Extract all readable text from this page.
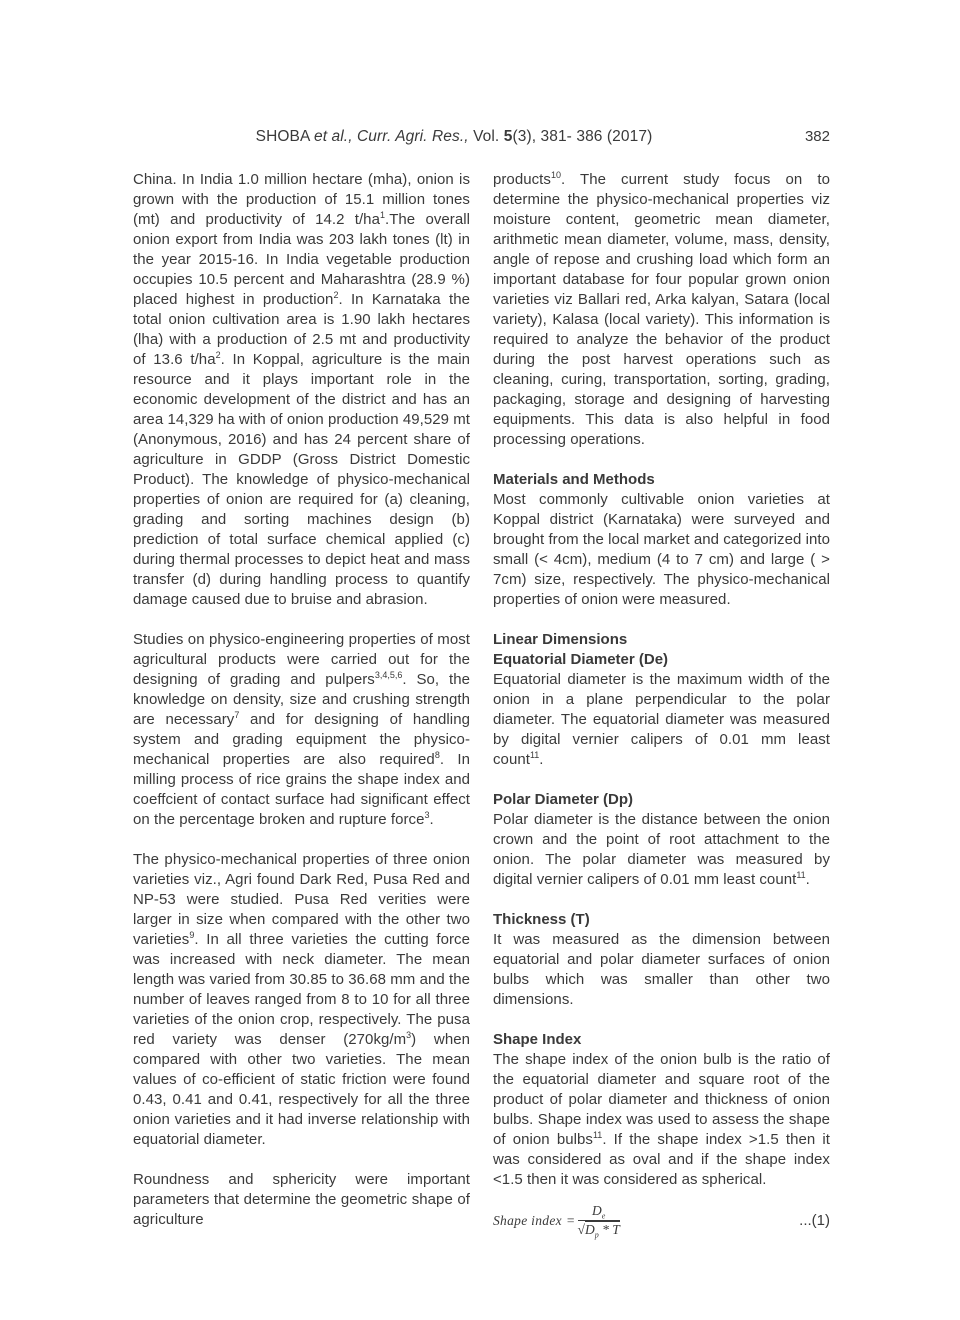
SHOBA et al., Curr. Agri. Res., Vol. 5(3), 381- 386 (2017)	382

China. In India 1.0 million hectare (mha), onion is grown with the production of 15.1 million tones (mt) and productivity of 14.2 $t/ha^1.The$ overall onion export from India was 203 lakh tones (lt) in the year 2015-16. In India vegetable production occupies 10.5 percent and Maharashtra (28.9 %) placed highest in production$^2$. In Karnataka the total onion cultivation area is 1.90 lakh hectares (lha) with a production of 2.5 mt and productivity of 13.6 $t/ha^2$. In Koppal, agriculture is the main resource and it plays important role in the economic development of the district and has an area 14,329 ha with of onion production 49,529 mt (Anonymous, 2016) and has 24 percent share of agriculture in GDDP (Gross District Domestic Product). The knowledge of physico-mechanical properties of onion are required for (a) cleaning, grading and sorting machines design (b) prediction of total surface chemical applied (c) during thermal processes to depict heat and mass transfer (d) during handling process to quantify damage caused due to bruise and abrasion.

Studies on physico-engineering properties of most agricultural products were carried out for the designing of grading and pulpers$^{3,4,5,6}$. So, the knowledge on density, size and crushing strength are necessary$^7$ and for designing of handling system and grading equipment the physico-mechanical properties are also required$^8$. In milling process of rice grains the shape index and coeffcient of contact surface had significant effect on the percentage broken and rupture force$^3$.

The physico-mechanical properties of three onion varieties viz., Agri found Dark Red, Pusa Red and NP-53 were studied. Pusa Red verities were larger in size when compared with the other two varieties$^9$. In all three varieties the cutting force was increased with neck diameter. The mean length was varied from 30.85 to 36.68 mm and the number of leaves ranged from 8 to 10 for all three varieties of the onion crop, respectively. The pusa red variety was denser $(270kg/m^3)$ when compared with other two varieties. The mean values of co-efficient of static friction were found 0.43, 0.41 and 0.41, respectively for all the three onion varieties and it had inverse relationship with equatorial diameter.

Roundness and sphericity were important parameters that determine the geometric shape of agriculture

products$^{10}$. The current study focus on to determine the physico-mechanical properties viz moisture content, geometric mean diameter, arithmetic mean diameter, volume, mass, density, angle of repose and crushing load which form an important database for four popular grown onion varieties viz Ballari red, Arka kalyan, Satara (local variety), Kalasa (local variety). This information is required to analyze the behavior of the product during the post harvest operations such as cleaning, curing, transportation, sorting, grading, packaging, storage and designing of harvesting equipments. This data is also helpful in food processing operations.

Materials and Methods

Most commonly cultivable onion varieties at Koppal district (Karnataka) were surveyed and brought from the local market and categorized into small (< 4cm), medium (4 to 7 cm) and large ( > 7cm) size, respectively. The physico-mechanical properties of onion were measured.

Linear Dimensions
Equatorial Diameter (De)

Equatorial diameter is the maximum width of the onion in a plane perpendicular to the polar diameter. The equatorial diameter was measured by digital vernier calipers of 0.01 mm least count$^{11}$.

Polar Diameter (Dp)

Polar diameter is the distance between the onion crown and the point of root attachment to the onion. The polar diameter was measured by digital vernier calipers of 0.01 mm least count$^{11}$.

Thickness (T)

It was measured as the dimension between equatorial and polar diameter surfaces of onion bulbs which was smaller than other two dimensions.

Shape Index

The shape index of the onion bulb is the ratio of the equatorial diameter and square root of the product of polar diameter and thickness of onion bulbs. Shape index was used to assess the shape of onion bulbs$^{11}$. If the shape index >1.5 then it was considered as oval and if the shape index <1.5 then it was considered as spherical.

Shape index = $\frac{D_e}{√D_p * T}$	...(1)
